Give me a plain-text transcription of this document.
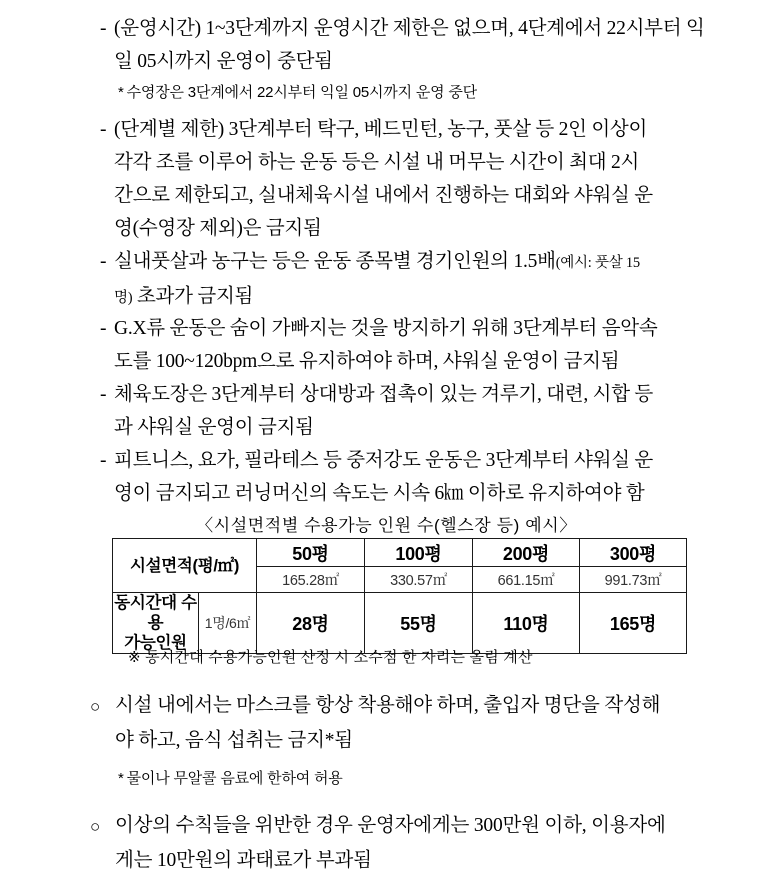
- (운영시간) 1~3단계까지 운영시간 제한은 없으며, 4단계에서 22시부터 익
일 05시까지 운영이 중단됨
* 수영장은 3단계에서 22시부터 익일 05시까지 운영 중단
- (단계별 제한) 3단계부터 탁구, 베드민턴, 농구, 풋살 등 2인 이상이
각각 조를 이루어 하는 운동 등은 시설 내 머무는 시간이 최대 2시
간으로 제한되고, 실내체육시설 내에서 진행하는 대회와 샤워실 운
영(수영장 제외)은 금지됨
- 실내풋살과 농구는 등은 운동 종목별 경기인원의 1.5배(예시: 풋살 15
명) 초과가 금지됨
- G.X류 운동은 숨이 가빠지는 것을 방지하기 위해 3단계부터 음악속
도를 100~120bpm으로 유지하여야 하며, 샤워실 운영이 금지됨
- 체육도장은 3단계부터 상대방과 접촉이 있는 겨루기, 대련, 시합 등
과 샤워실 운영이 금지됨
- 피트니스, 요가, 필라테스 등 중저강도 운동은 3단계부터 샤워실 운
영이 금지되고 러닝머신의 속도는 시속 6㎞ 이하로 유지하여야 함
〈시설면적별 수용가능 인원 수(헬스장 등) 예시〉
시설면적(평/㎡)		50평	100평	200평	300평
		165.28㎡	330.57㎡	661.15㎡	991.73㎡
동시간대 수용
가능인원	1명/6㎡	28명	55명	110명	165명
※ 동시간대 수용가능인원 산정 시 소수점 한 자리는 올림 계산
○ 시설 내에서는 마스크를 항상 착용해야 하며, 출입자 명단을 작성해
야 하고, 음식 섭취는 금지*됨
* 물이나 무알콜 음료에 한하여 허용
○ 이상의 수칙들을 위반한 경우 운영자에게는 300만원 이하, 이용자에
게는 10만원의 과태료가 부과됨
